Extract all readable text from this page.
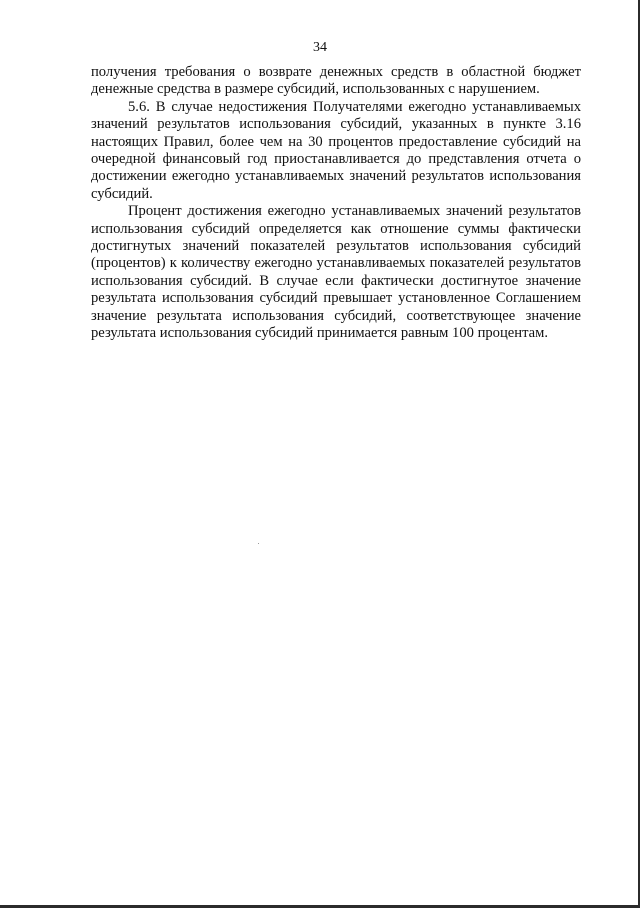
34

получения требования о возврате денежных средств в областной бюджет денежные средства в размере субсидий, использованных с нарушением.

5.6. В случае недостижения Получателями ежегодно устанавливаемых значений результатов использования субсидий, указанных в пункте 3.16 настоящих Правил, более чем на 30 процентов предоставление субсидий на очередной финансовый год приостанавливается до представления отчета о достижении ежегодно устанавливаемых значений результатов использования субсидий.

Процент достижения ежегодно устанавливаемых значений результатов использования субсидий определяется как отношение суммы фактически достигнутых значений показателей результатов использования субсидий (процентов) к количеству ежегодно устанавливаемых показателей результатов использования субсидий. В случае если фактически достигнутое значение результата использования субсидий превышает установленное Соглашением значение результата использования субсидий, соответствующее значение результата использования субсидий принимается равным 100 процентам.
